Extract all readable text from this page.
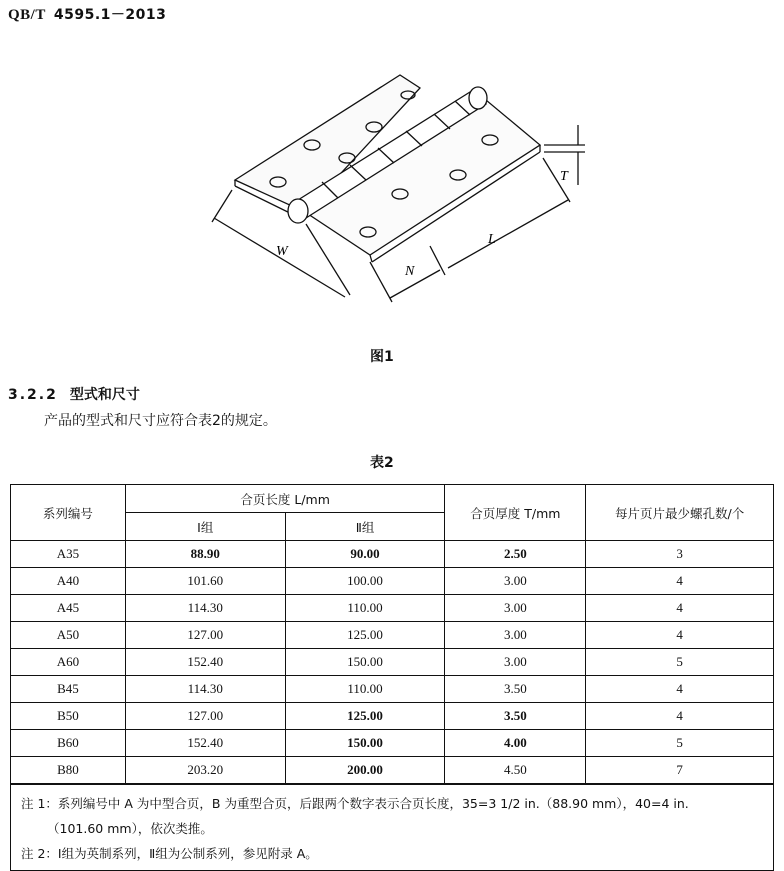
QB/T 4595.1－2013
W
L
N
T
图1
3.2.2 型式和尺寸
产品的型式和尺寸应符合表2的规定。
表2
系列编号	合页长度 L/mm		合页厚度 T/mm	每片页片最少螺孔数/个
	Ⅰ组	Ⅱ组		
A35	88.90	90.00	2.50	3
A40	101.60	100.00	3.00	4
A45	114.30	110.00	3.00	4
A50	127.00	125.00	3.00	4
A60	152.40	150.00	3.00	5
B45	114.30	110.00	3.50	4
B50	127.00	125.00	3.50	4
B60	152.40	150.00	4.00	5
B80	203.20	200.00	4.50	7

注 1：系列编号中 A 为中型合页，B 为重型合页，后跟两个数字表示合页长度，35=3 1/2 in.（88.90 mm），40=4 in.
（101.60 mm），依次类推。
注 2：Ⅰ组为英制系列，Ⅱ组为公制系列，参见附录 A。				
